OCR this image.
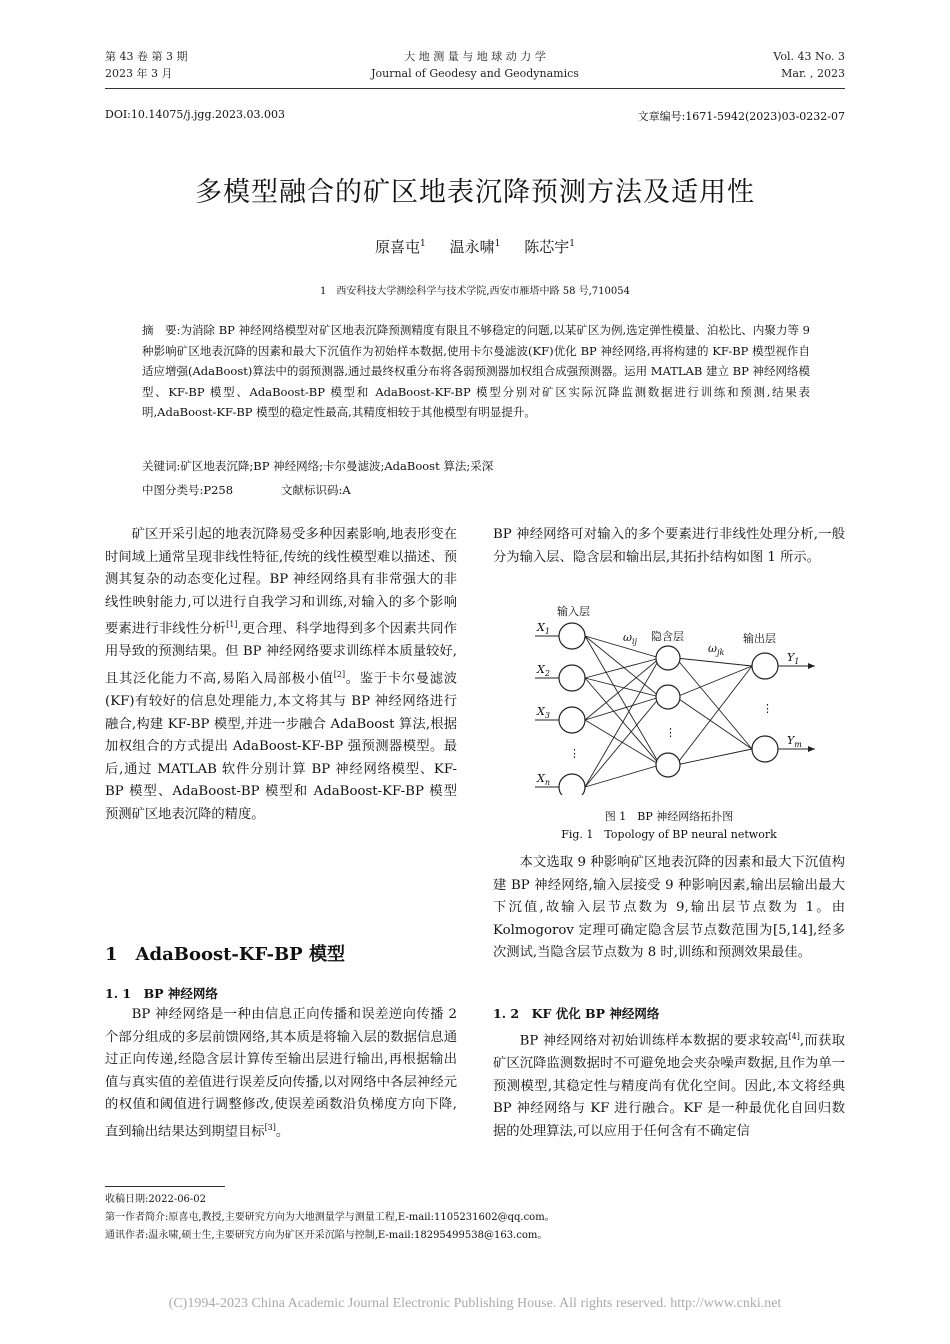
第 43 卷 第 3 期
2023 年 3 月
大 地 测 量 与 地 球 动 力 学
Journal of Geodesy and Geodynamics
Vol. 43 No. 3
Mar. , 2023
DOI:10.14075/j.jgg.2023.03.003	文章编号:1671-5942(2023)03-0232-07
多模型融合的矿区地表沉降预测方法及适用性
原喜屯$^1$ 温永啸$^1$ 陈芯宇$^1$
1　西安科技大学测绘科学与技术学院,西安市雁塔中路 58 号,710054

摘　要:为消除 BP 神经网络模型对矿区地表沉降预测精度有限且不够稳定的问题,以某矿区为例,选定弹性模量、泊松比、内聚力等 9 种影响矿区地表沉降的因素和最大下沉值作为初始样本数据,使用卡尔曼滤波(KF)优化 BP 神经网络,再将构建的 KF-BP 模型视作自适应增强(AdaBoost)算法中的弱预测器,通过最终权重分布将各弱预测器加权组合成强预测器。运用 MATLAB 建立 BP 神经网络模型、KF-BP 模型、AdaBoost-BP 模型和 AdaBoost-KF-BP 模型分别对矿区实际沉降监测数据进行训练和预测,结果表明,AdaBoost-KF-BP 模型的稳定性最高,其精度相较于其他模型有明显提升。

关键词:矿区地表沉降;BP 神经网络;卡尔曼滤波;AdaBoost 算法;采深
中图分类号:P258	文献标识码:A

矿区开采引起的地表沉降易受多种因素影响,地表形变在时间域上通常呈现非线性特征,传统的线性模型难以描述、预测其复杂的动态变化过程。BP 神经网络具有非常强大的非线性映射能力,可以进行自我学习和训练,对输入的多个影响要素进行非线性分析[1],更合理、科学地得到多个因素共同作用导致的预测结果。但 BP 神经网络要求训练样本质量较好,且其泛化能力不高,易陷入局部极小值[2]。鉴于卡尔曼滤波(KF)有较好的信息处理能力,本文将其与 BP 神经网络进行融合,构建 KF-BP 模型,并进一步融合 AdaBoost 算法,根据加权组合的方式提出 AdaBoost-KF-BP 强预测器模型。最后,通过 MATLAB 软件分别计算 BP 神经网络模型、KF-BP 模型、AdaBoost-BP 模型和 AdaBoost-KF-BP 模型预测矿区地表沉降的精度。

1　AdaBoost-KF-BP 模型
1. 1　BP 神经网络

BP 神经网络是一种由信息正向传播和误差逆向传播 2 个部分组成的多层前馈网络,其本质是将输入层的数据信息通过正向传递,经隐含层计算传至输出层进行输出,再根据输出值与真实值的差值进行误差反向传播,以对网络中各层神经元的权值和阈值进行调整修改,使误差函数沿负梯度方向下降,直到输出结果达到期望目标[3]。

BP 神经网络可对输入的多个要素进行非线性处理分析,一般分为输入层、隐含层和输出层,其拓扑结构如图 1 所示。

输入层
隐含层	输出层
$\omega_{ij}$
$\omega_{jk}$
$X_1$
$X_2$
$X_3$
$X_n$
$Y_1$
$Y_m$
⋮
⋮
⋮
图 1　BP 神经网络拓扑图
Fig. 1　Topology of BP neural network

本文选取 9 种影响矿区地表沉降的因素和最大下沉值构建 BP 神经网络,输入层接受 9 种影响因素,输出层输出最大下沉值,故输入层节点数为 9,输出层节点数为 1。由 Kolmogorov 定理可确定隐含层节点数范围为[5,14],经多次测试,当隐含层节点数为 8 时,训练和预测效果最佳。

1. 2　KF 优化 BP 神经网络

BP 神经网络对初始训练样本数据的要求较高[4],而获取矿区沉降监测数据时不可避免地会夹杂噪声数据,且作为单一预测模型,其稳定性与精度尚有优化空间。因此,本文将经典 BP 神经网络与 KF 进行融合。KF 是一种最优化自回归数据的处理算法,可以应用于任何含有不确定信

收稿日期:2022-06-02
第一作者简介:原喜屯,教授,主要研究方向为大地测量学与测量工程,E-mail:1105231602@qq.com。
通讯作者:温永啸,硕士生,主要研究方向为矿区开采沉陷与控制,E-mail:18295499538@163.com。
(C)1994-2023 China Academic Journal Electronic Publishing House. All rights reserved. http://www.cnki.net
